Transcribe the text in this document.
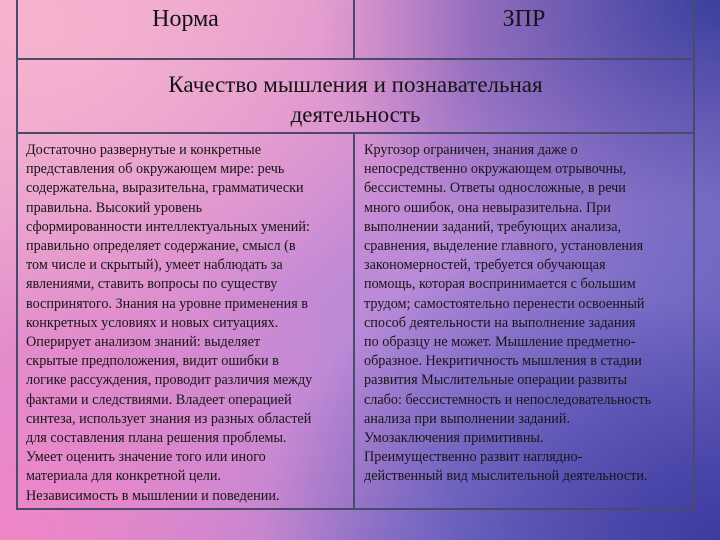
Норма	ЗПР
Качество мышления и познавательная
деятельность
Достаточно развернутые и конкретные
представления об окружающем мире: речь
содержательна, выразительна, грамматически
правильна. Высокий уровень
сформированности интеллектуальных умений:
правильно определяет содержание, смысл (в
том числе и скрытый), умеет наблюдать за
явлениями, ставить вопросы по существу
воспринятого. Знания на уровне применения в
конкретных условиях и новых ситуациях.
Оперирует анализом знаний: выделяет
скрытые предположения, видит ошибки в
логике рассуждения, проводит различия между
фактами и следствиями. Владеет операцией
синтеза, использует знания из разных областей
для составления плана решения проблемы.
Умеет оценить значение того или иного
материала для конкретной цели.
Независимость в мышлении и поведении.
Кругозор ограничен, знания даже о
непосредственно окружающем отрывочны,
бессистемны. Ответы односложные, в речи
много ошибок, она невыразительна. При
выполнении заданий, требующих анализа,
сравнения, выделение главного, установления
закономерностей, требуется обучающая
помощь, которая воспринимается с большим
трудом; самостоятельно перенести освоенный
способ деятельности на выполнение задания
по образцу не может. Мышление предметно-
образное. Некритичность мышления в стадии
развития Мыслительные операции развиты
слабо: бессистемность и непоследовательность
анализа при выполнении заданий.
Умозаключения примитивны.
Преимущественно развит наглядно-
действенный вид мыслительной деятельности.
